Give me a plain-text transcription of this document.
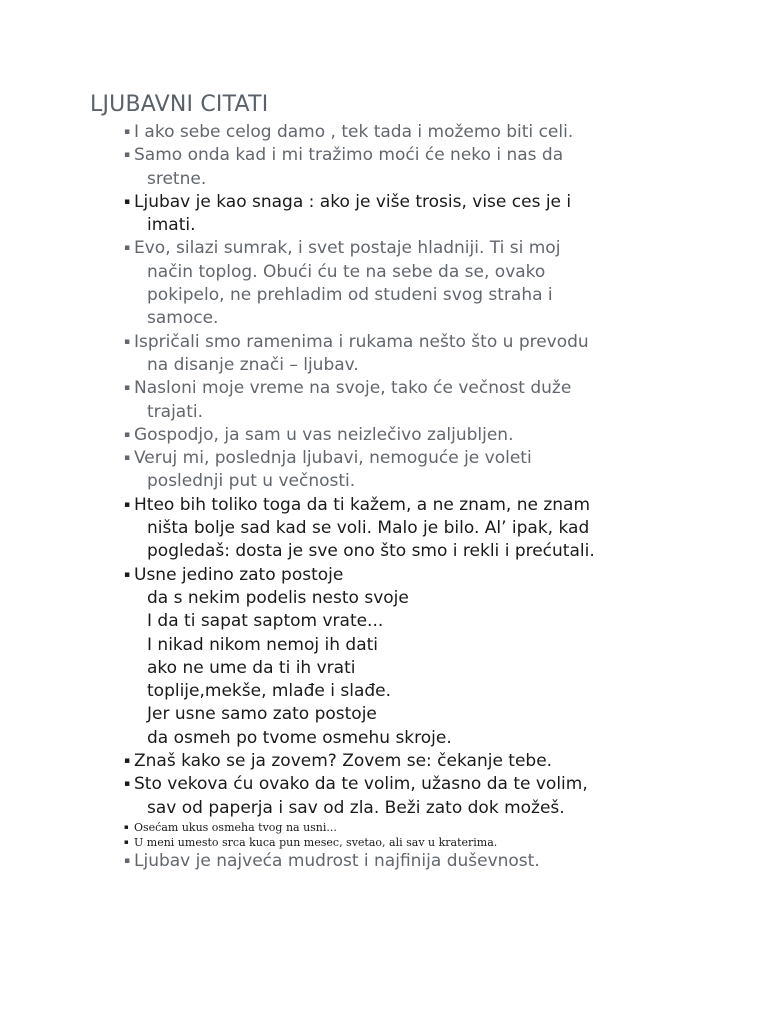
LJUBAVNI CITATI
▪ I ako sebe celog damo , tek tada i možemo biti celi.
▪ Samo onda kad i mi tražimo moći će neko i nas da
sretne.
▪ Ljubav je kao snaga : ako je više trosis, vise ces je i
imati.
▪ Evo, silazi sumrak, i svet postaje hladniji. Ti si moj
način toplog. Obući ću te na sebe da se, ovako
pokipelo, ne prehladim od studeni svog straha i
samoce.
▪ Ispričali smo ramenima i rukama nešto što u prevodu
na disanje znači – ljubav.
▪ Nasloni moje vreme na svoje, tako će večnost duže
trajati.
▪ Gospodjo, ja sam u vas neizlečivo zaljubljen.
▪ Veruj mi, poslednja ljubavi, nemoguće je voleti
poslednji put u večnosti.
▪ Hteo bih toliko toga da ti kažem, a ne znam, ne znam
ništa bolje sad kad se voli. Malo je bilo. Al’ ipak, kad
pogledaš: dosta je sve ono što smo i rekli i prećutali.
▪ Usne jedino zato postoje
da s nekim podelis nesto svoje
I da ti sapat saptom vrate...
I nikad nikom nemoj ih dati
ako ne ume da ti ih vrati
toplije,mekše, mlađe i slađe.
Jer usne samo zato postoje
da osmeh po tvome osmehu skroje.
▪ Znaš kako se ja zovem? Zovem se: čekanje tebe.
▪ Sto vekova ću ovako da te volim, užasno da te volim,
sav od paperja i sav od zla. Beži zato dok možeš.
▪ Osećam ukus osmeha tvog na usni...
▪ U meni umesto srca kuca pun mesec, svetao, ali sav u kraterima.
▪ Ljubav je najveća mudrost i najfinija duševnost.
